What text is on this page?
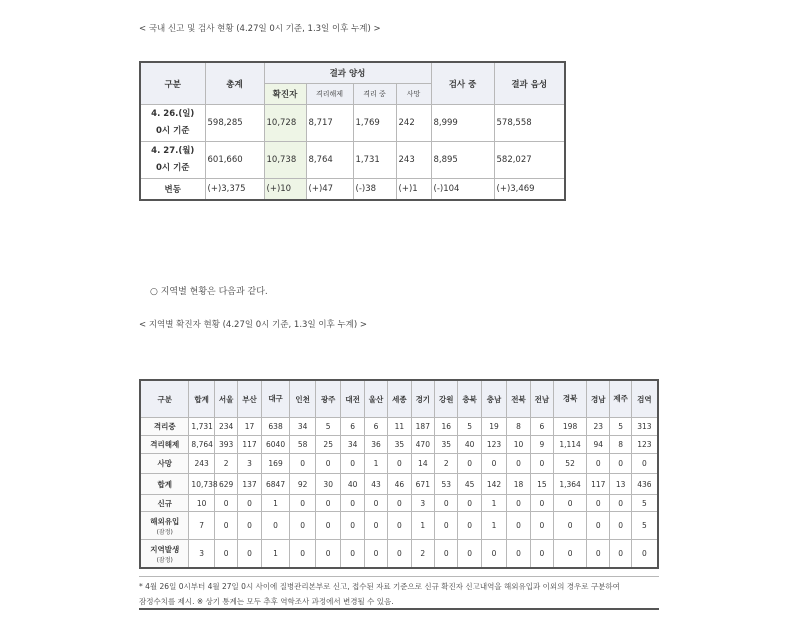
< 국내 신고 및 검사 현황 (4.27일 0시 기준, 1.3일 이후 누계) >
구분	총계	결과 양성				검사 중	결과 음성
		확진자	격리해제	격리 중	사망		
4. 26.(일)
0시 기준	598,285	10,728	8,717	1,769	242	8,999	578,558
4. 27.(월)
0시 기준	601,660	10,738	8,764	1,731	243	8,895	582,027
변동	(+)3,375	(+)10	(+)47	(-)38	(+)1	(-)104	(+)3,469
○ 지역별 현황은 다음과 같다.
< 지역별 확진자 현황 (4.27일 0시 기준, 1.3일 이후 누계) >
구분	합계	서울	부산	대구	인천	광주	대전	울산	세종	경기	강원	충북	충남	전북	전남	경북	경남	제주	검역
격리중	1,731	234	17	638	34	5	6	6	11	187	16	5	19	8	6	198	23	5	313
격리해제	8,764	393	117	6040	58	25	34	36	35	470	35	40	123	10	9	1,114	94	8	123
사망	243	2	3	169	0	0	0	1	0	14	2	0	0	0	0	52	0	0	0
합계	10,738	629	137	6847	92	30	40	43	46	671	53	45	142	18	15	1,364	117	13	436
신규	10	0	0	1	0	0	0	0	0	3	0	0	1	0	0	0	0	0	5
해외유입
(잠정)	7	0	0	0	0	0	0	0	0	1	0	0	1	0	0	0	0	0	5
지역발생
(잠정)	3	0	0	1	0	0	0	0	0	2	0	0	0	0	0	0	0	0	0
* 4월 26일 0시부터 4월 27일 0시 사이에 질병관리본부로 신고, 접수된 자료 기준으로 신규 확진자 신고내역을 해외유입과 이외의 경우로 구분하여
잠정수치를 제시. ※ 상기 통계는 모두 추후 역학조사 과정에서 변경될 수 있음.
